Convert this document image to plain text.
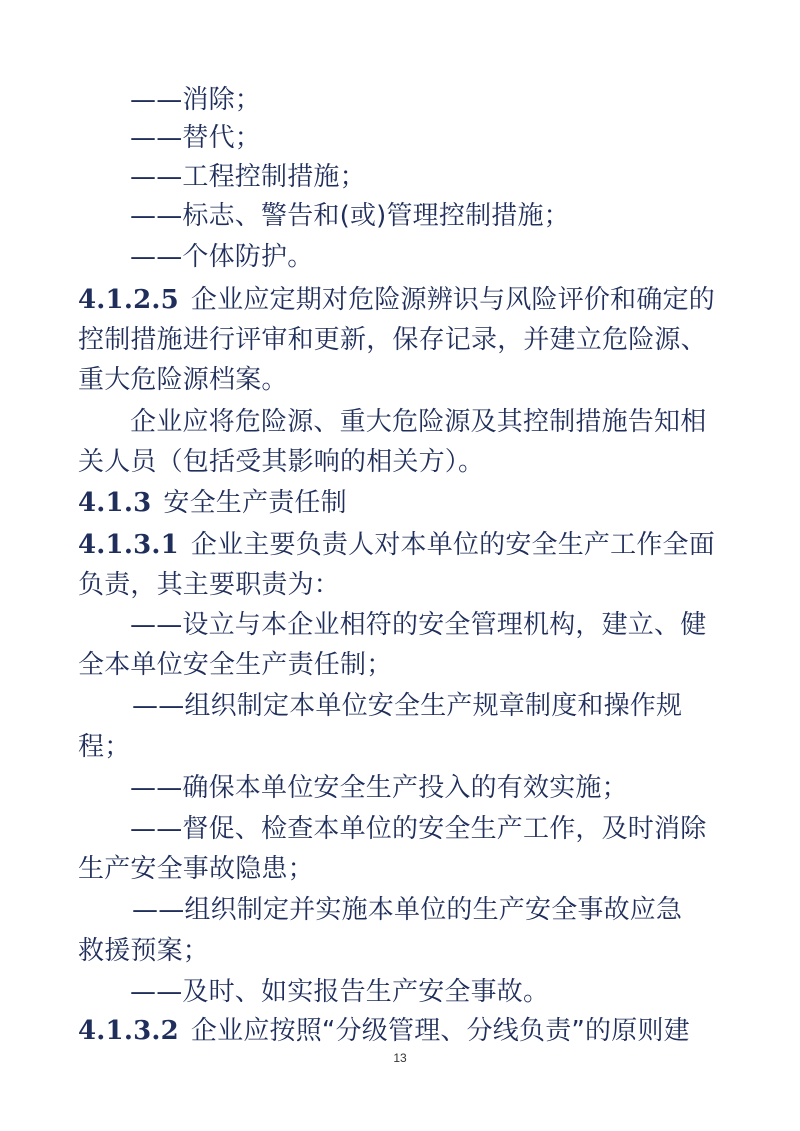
——消除；
——替代；
——工程控制措施；
——标志、警告和(或)管理控制措施；
——个体防护。
4.1.2.5 企业应定期对危险源辨识与风险评价和确定的
控制措施进行评审和更新，保存记录，并建立危险源、
重大危险源档案。
企业应将危险源、重大危险源及其控制措施告知相
关人员（包括受其影响的相关方）。
4.1.3 安全生产责任制
4.1.3.1 企业主要负责人对本单位的安全生产工作全面
负责，其主要职责为：
——设立与本企业相符的安全管理机构，建立、健
全本单位安全生产责任制；
——组织制定本单位安全生产规章制度和操作规
程；
——确保本单位安全生产投入的有效实施；
——督促、检查本单位的安全生产工作，及时消除
生产安全事故隐患；
——组织制定并实施本单位的生产安全事故应急
救援预案；
——及时、如实报告生产安全事故。
4.1.3.2 企业应按照“分级管理、分线负责”的原则建
13
